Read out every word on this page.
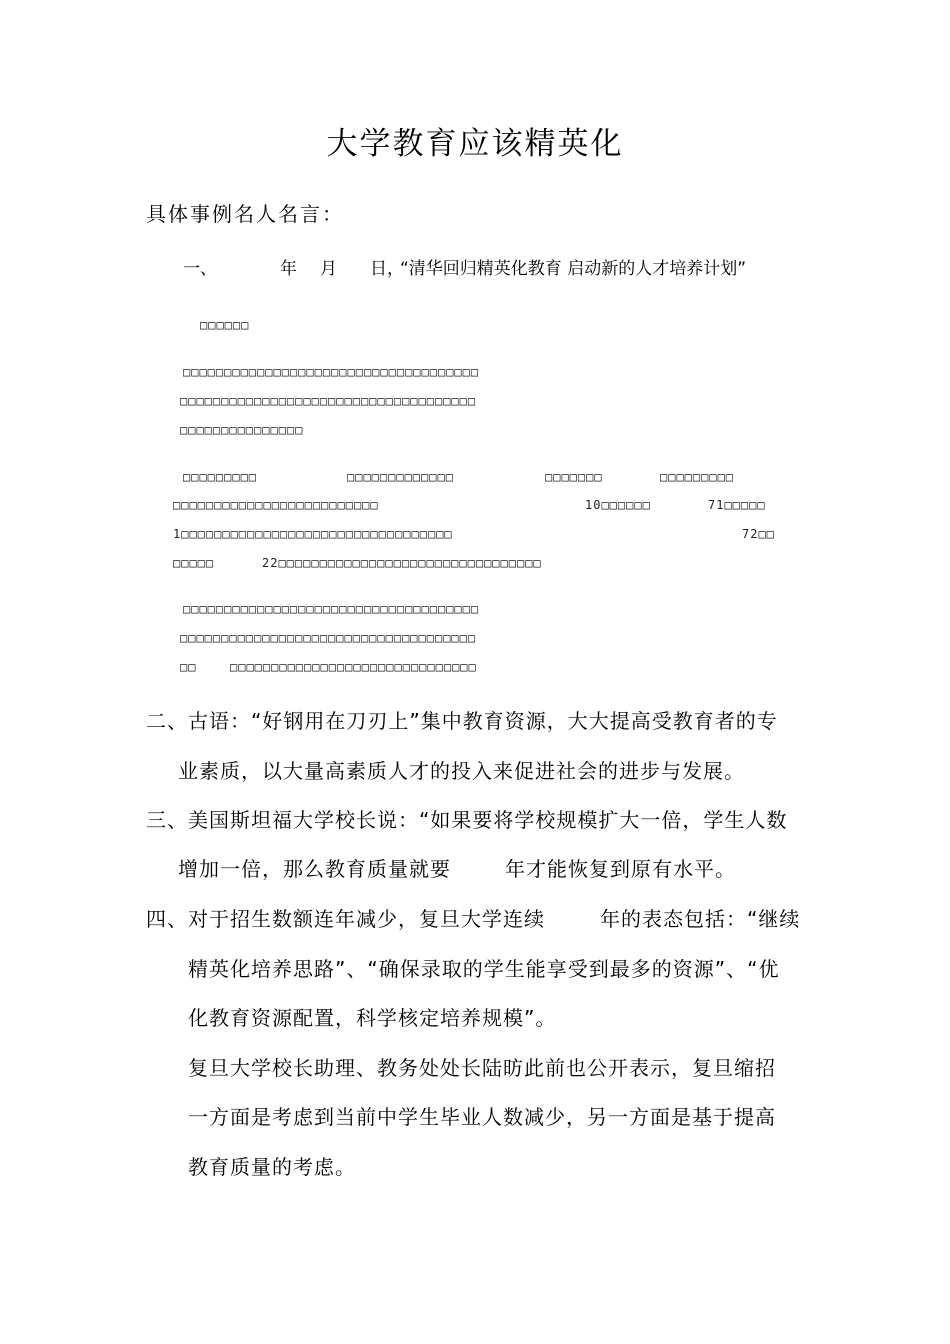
大学教育应该精英化
具体事例名人名言：
一、	年 月 日，
“清华回归精英化教育 启动新的人才培养计划”
□□□□□□
□□□□□□□□□□□□□□□□□□□□□□□□□□□□□□□□□□□□
□□□□□□□□□□□□□□□□□□□□□□□□□□□□□□□□□□□□
□□□□□□□□□□□□□□□
□□□□□□□□□	□□□□□□□□□□□□□	□□□□□□□	□□□□□□□□□
□□□□□□□□□□□□□□□□□□□□□□□□□	10□□□□□□	71□□□□□
1□□□□□□□□□□□□□□□□□□□□□□□□□□□□□□□□□	72□□
□□□□□	22□□□□□□□□□□□□□□□□□□□□□□□□□□□□□□□□
□□□□□□□□□□□□□□□□□□□□□□□□□□□□□□□□□□□□
□□□□□□□□□□□□□□□□□□□□□□□□□□□□□□□□□□□□
□□	□□□□□□□□□□□□□□□□□□□□□□□□□□□□□□
二、古语：“好钢用在刀刃上”集中教育资源，大大提高受教育者的专
业素质，以大量高素质人才的投入来促进社会的进步与发展。
三、美国斯坦福大学校长说：“如果要将学校规模扩大一倍，学生人数
增加一倍，那么教育质量就要	年才能恢复到原有水平。
四、对于招生数额连年减少，复旦大学连续	年的表态包括：“继续
精英化培养思路”、“确保录取的学生能享受到最多的资源”、“优
化教育资源配置，科学核定培养规模”。
复旦大学校长助理、教务处处长陆昉此前也公开表示，复旦缩招
一方面是考虑到当前中学生毕业人数减少，另一方面是基于提高
教育质量的考虑。
